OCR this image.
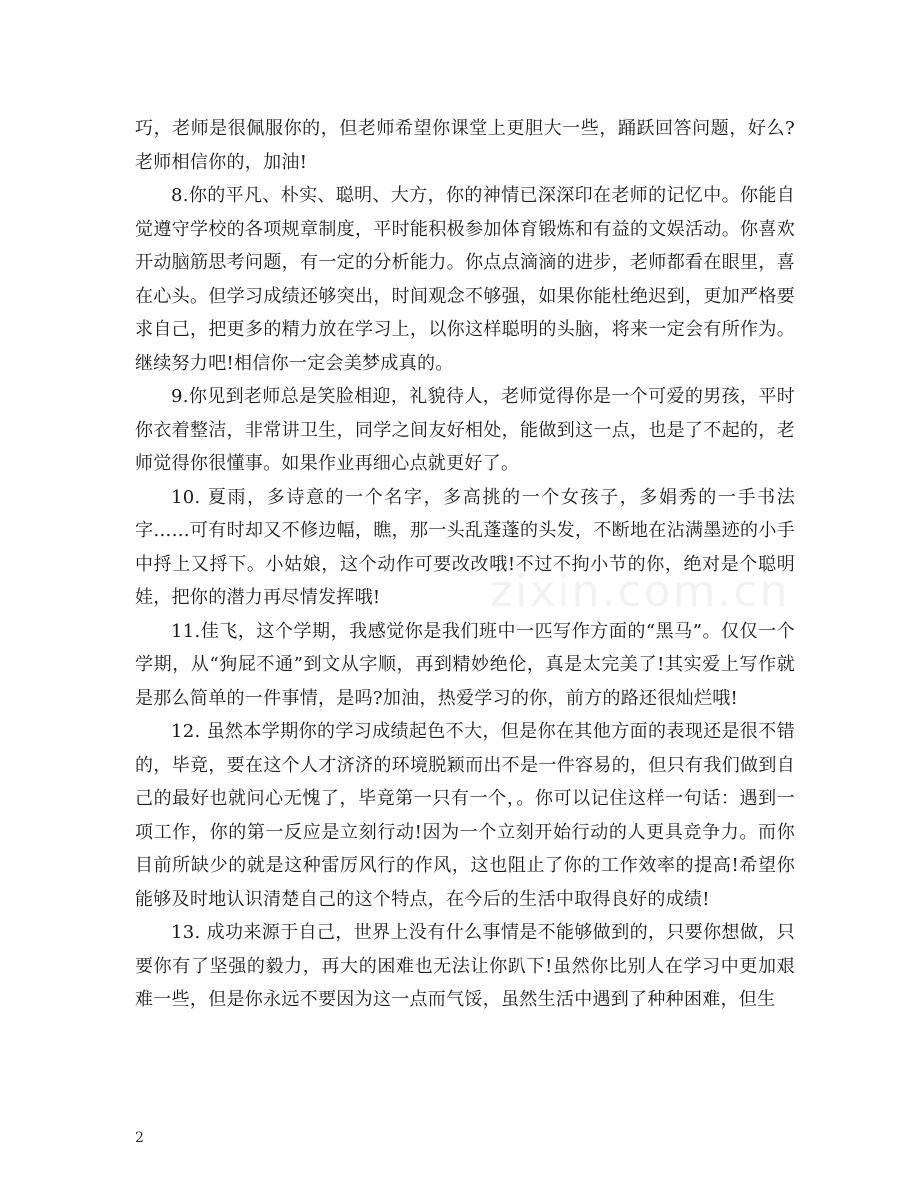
巧，老师是很佩服你的，但老师希望你课堂上更胆大一些，踊跃回答问题，好么?老师相信你的，加油!

8.你的平凡、朴实、聪明、大方，你的神情已深深印在老师的记忆中。你能自觉遵守学校的各项规章制度，平时能积极参加体育锻炼和有益的文娱活动。你喜欢开动脑筋思考问题，有一定的分析能力。你点点滴滴的进步，老师都看在眼里，喜在心头。但学习成绩还够突出，时间观念不够强，如果你能杜绝迟到，更加严格要求自己，把更多的精力放在学习上，以你这样聪明的头脑，将来一定会有所作为。继续努力吧!相信你一定会美梦成真的。

9.你见到老师总是笑脸相迎，礼貌待人，老师觉得你是一个可爱的男孩，平时你衣着整洁，非常讲卫生，同学之间友好相处，能做到这一点，也是了不起的，老师觉得你很懂事。如果作业再细心点就更好了。

10. 夏雨，多诗意的一个名字，多高挑的一个女孩子，多娟秀的一手书法字……可有时却又不修边幅，瞧，那一头乱蓬蓬的头发，不断地在沾满墨迹的小手中捋上又捋下。小姑娘，这个动作可要改改哦!不过不拘小节的你，绝对是个聪明娃，把你的潜力再尽情发挥哦!

11.佳飞，这个学期，我感觉你是我们班中一匹写作方面的“黑马”。仅仅一个学期，从“狗屁不通”到文从字顺，再到精妙绝伦，真是太完美了!其实爱上写作就是那么简单的一件事情，是吗?加油，热爱学习的你，前方的路还很灿烂哦!

12. 虽然本学期你的学习成绩起色不大，但是你在其他方面的表现还是很不错的，毕竟，要在这个人才济济的环境脱颖而出不是一件容易的，但只有我们做到自己的最好也就问心无愧了，毕竟第一只有一个，。你可以记住这样一句话：遇到一项工作，你的第一反应是立刻行动!因为一个立刻开始行动的人更具竞争力。而你目前所缺少的就是这种雷厉风行的作风，这也阻止了你的工作效率的提高!希望你能够及时地认识清楚自己的这个特点，在今后的生活中取得良好的成绩!

13. 成功来源于自己，世界上没有什么事情是不能够做到的，只要你想做，只要你有了坚强的毅力，再大的困难也无法让你趴下!虽然你比别人在学习中更加艰难一些，但是你永远不要因为这一点而气馁，虽然生活中遇到了种种困难，但生

zixin.com.cn
2
